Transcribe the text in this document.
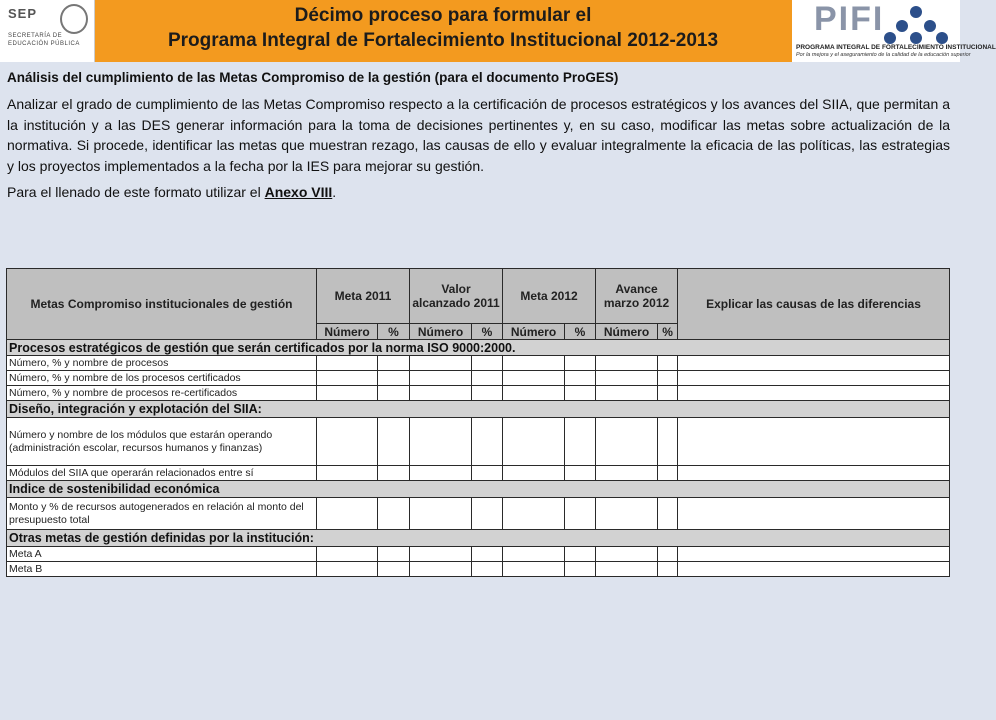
SEP
SECRETARÍA DE EDUCACIÓN PÚBLICA
Décimo proceso para formular el
Programa Integral de Fortalecimiento Institucional 2012-2013
PIFI
PROGRAMA INTEGRAL DE FORTALECIMIENTO INSTITUCIONAL
Por la mejora y el aseguramiento de la calidad de la educación superior

Análisis del cumplimiento de las Metas Compromiso de la gestión (para el documento ProGES)

Analizar el grado de cumplimiento de las Metas Compromiso respecto a la certificación de procesos estratégicos y los avances del SIIA, que permitan a la institución y a las DES generar información para la toma de decisiones pertinentes y, en su caso, modificar las metas sobre actualización de la normativa. Si procede, identificar las metas que muestran rezago, las causas de ello y evaluar integralmente la eficacia de las políticas, las estrategias y los proyectos implementados a la fecha por la IES para mejorar su gestión.

Para el llenado de este formato utilizar el Anexo VIII.

Metas Compromiso institucionales de gestión	Meta 2011		Valor alcanzado 2011		Meta 2012		Avance marzo 2012		Explicar las causas de las diferencias
	Número	%	Número	%	Número	%	Número	%	
Procesos estratégicos de gestión que serán certificados por la norma ISO 9000:2000.									
Número, % y nombre de procesos									
Número, % y nombre de los procesos certificados									
Número, % y nombre de procesos re-certificados									
Diseño, integración y explotación del SIIA:									
Número y nombre de los módulos que estarán operando (administración escolar, recursos humanos y finanzas)									
Módulos del SIIA que operarán relacionados entre sí									
Indice de sostenibilidad económica									
Monto y % de recursos autogenerados en relación al monto del presupuesto total									
Otras metas de gestión definidas por la institución:									
Meta A									
Meta B									
